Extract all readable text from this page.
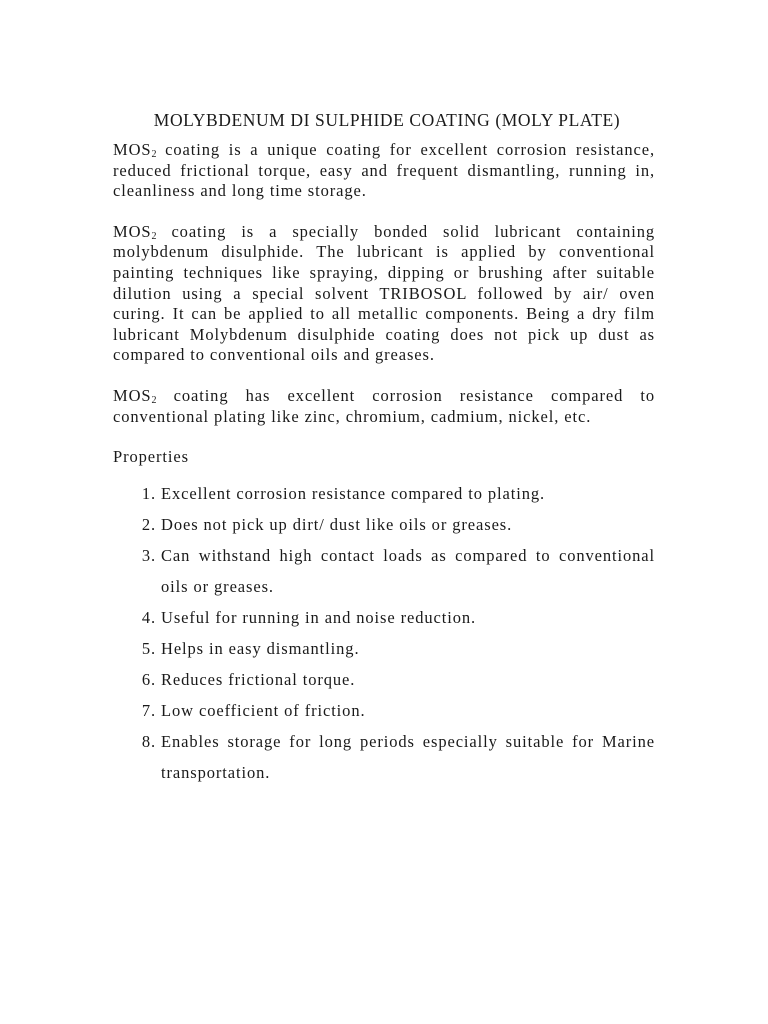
MOLYBDENUM DI SULPHIDE COATING (MOLY PLATE)

$MOS_2$ coating is a unique coating for excellent corrosion resistance, reduced frictional torque, easy and frequent dismantling, running in, cleanliness and long time storage.

$MOS_2$ coating is a specially bonded solid lubricant containing molybdenum disulphide. The lubricant is applied by conventional painting techniques like spraying, dipping or brushing after suitable dilution using a special solvent TRIBOSOL followed by air/ oven curing. It can be applied to all metallic components. Being a dry film lubricant Molybdenum disulphide coating does not pick up dust as compared to conventional oils and greases.

$MOS_2$ coating has excellent corrosion resistance compared to conventional plating like zinc, chromium, cadmium, nickel, etc.

Properties

1. Excellent corrosion resistance compared to plating.
2. Does not pick up dirt/ dust like oils or greases.
3. Can withstand high contact loads as compared to conventional oils or greases.
4. Useful for running in and noise reduction.
5. Helps in easy dismantling.
6. Reduces frictional torque.
7. Low coefficient of friction.
8. Enables storage for long periods especially suitable for Marine transportation.
